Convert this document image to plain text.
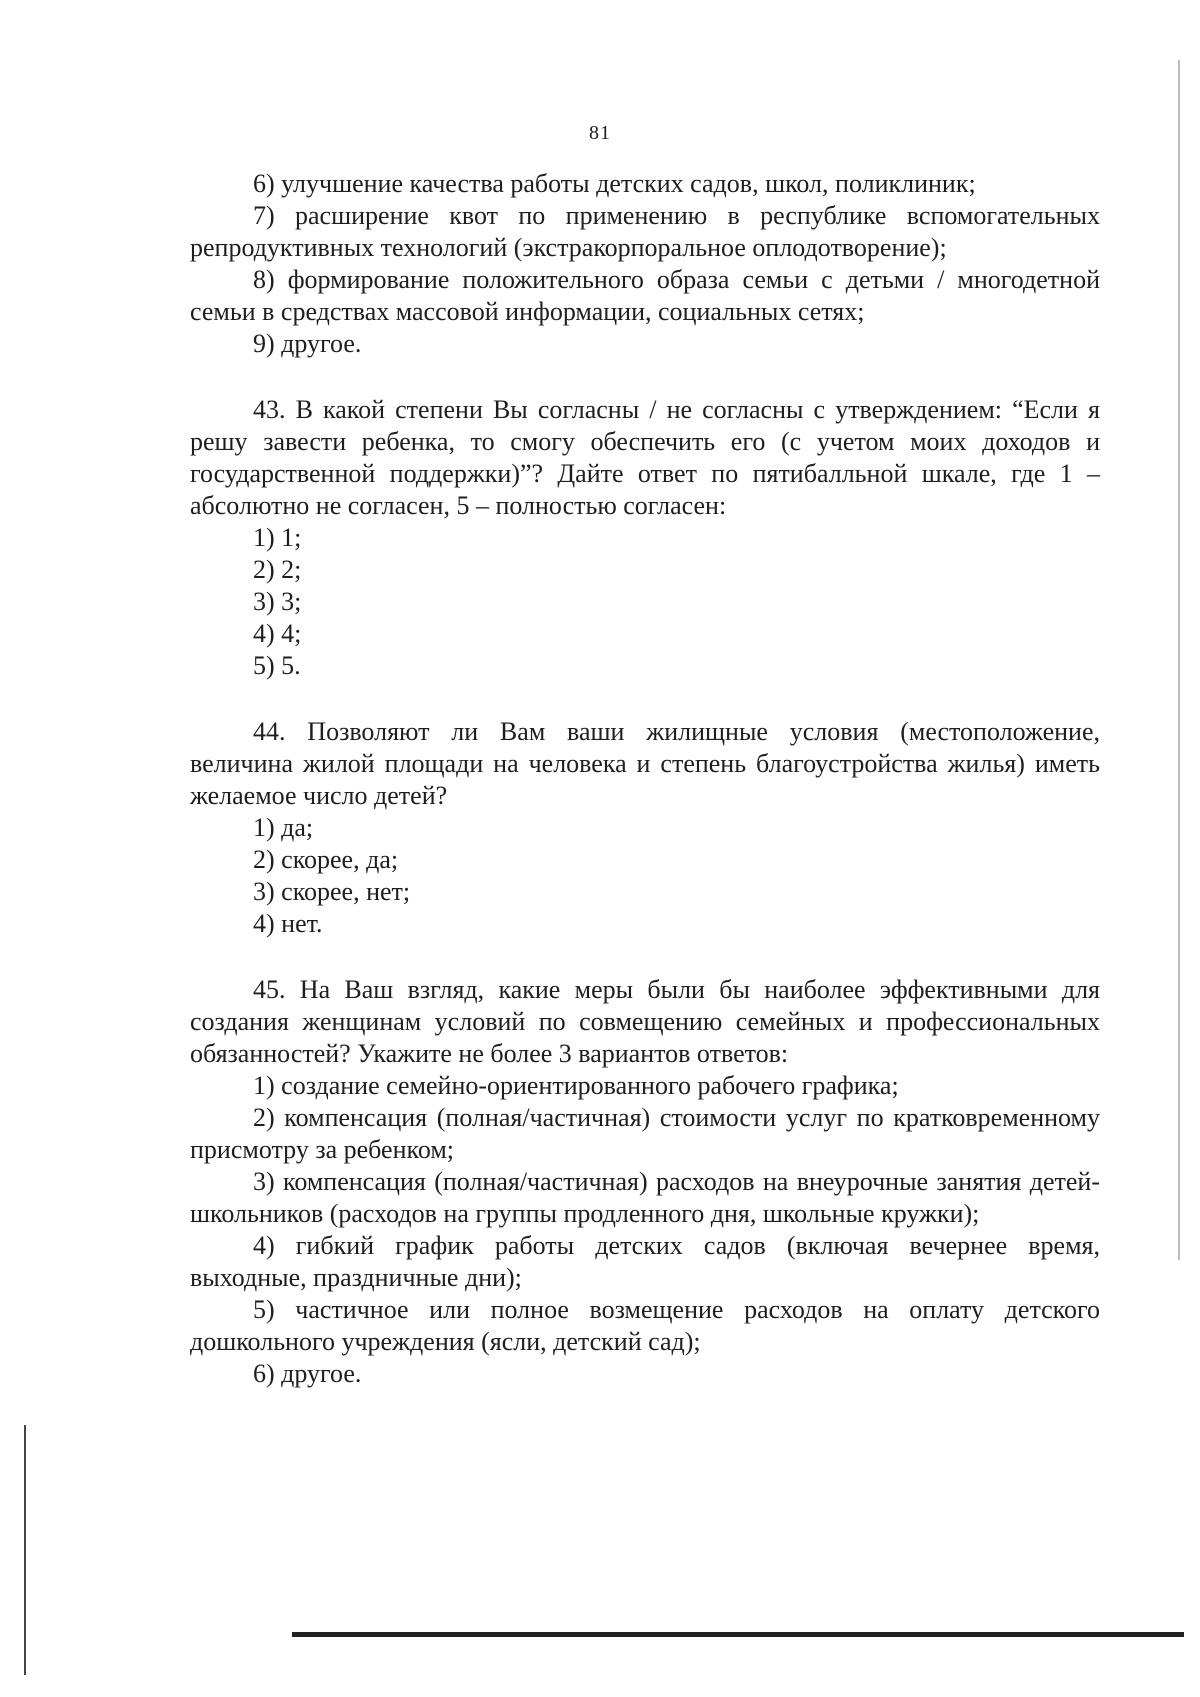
81

6) улучшение качества работы детских садов, школ, поликлиник;

7) расширение квот по применению в республике вспомогательных репродуктивных технологий (экстракорпоральное оплодотворение);

8) формирование положительного образа семьи с детьми / многодетной семьи в средствах массовой информации, социальных сетях;

9) другое.

43. В какой степени Вы согласны / не согласны с утверждением: “Если я решу завести ребенка, то смогу обеспечить его (с учетом моих доходов и государственной поддержки)”? Дайте ответ по пятибалльной шкале, где 1 – абсолютно не согласен, 5 – полностью согласен:

1) 1;
2) 2;
3) 3;
4) 4;
5) 5.

44. Позволяют ли Вам ваши жилищные условия (местоположение, величина жилой площади на человека и степень благоустройства жилья) иметь желаемое число детей?

1) да;
2) скорее, да;
3) скорее, нет;
4) нет.

45. На Ваш взгляд, какие меры были бы наиболее эффективными для создания женщинам условий по совмещению семейных и профессиональных обязанностей? Укажите не более 3 вариантов ответов:

1) создание семейно-ориентированного рабочего графика;

2) компенсация (полная/частичная) стоимости услуг по кратковременному присмотру за ребенком;

3) компенсация (полная/частичная) расходов на внеурочные занятия детей-школьников (расходов на группы продленного дня, школьные кружки);

4) гибкий график работы детских садов (включая вечернее время, выходные, праздничные дни);

5) частичное или полное возмещение расходов на оплату детского дошкольного учреждения (ясли, детский сад);

6) другое.
